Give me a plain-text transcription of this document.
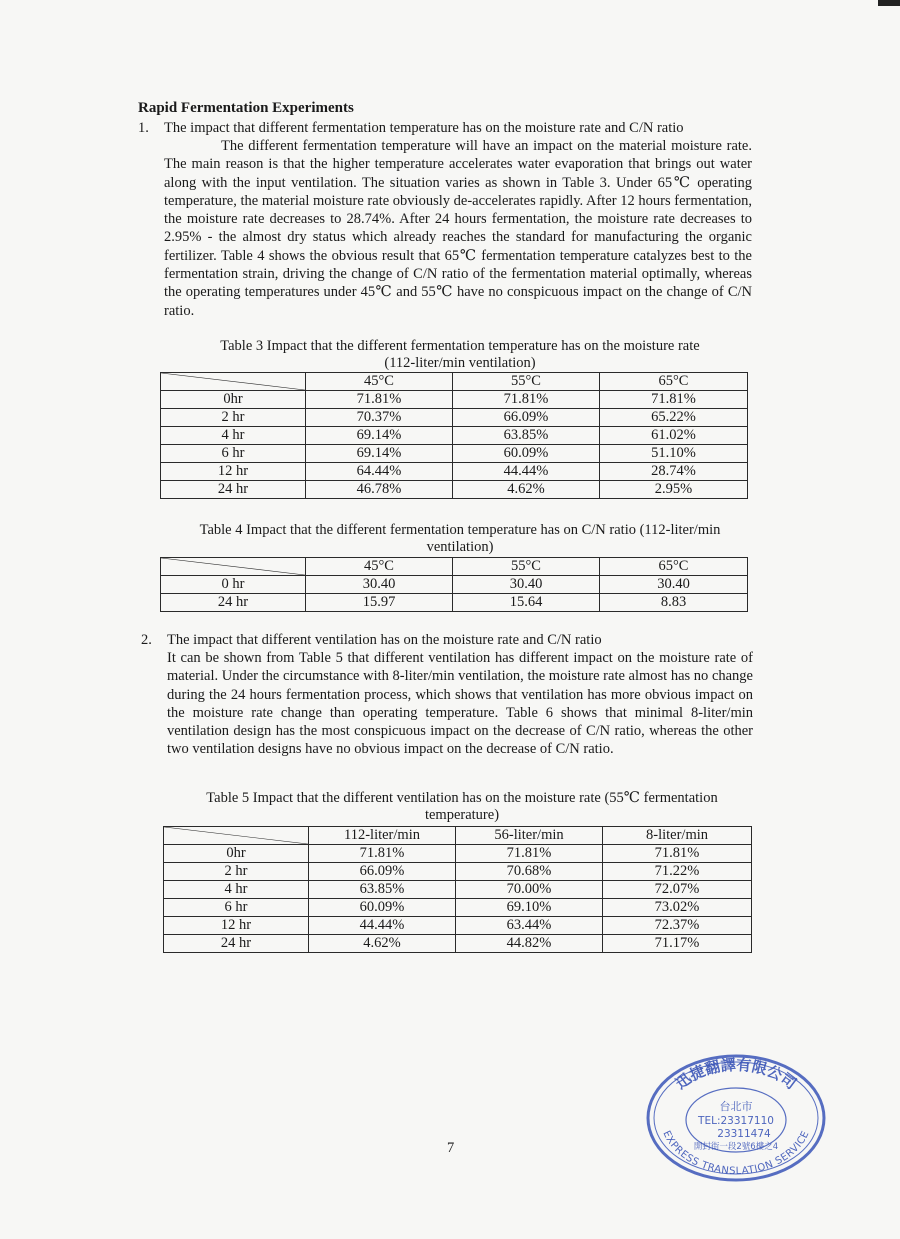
Rapid Fermentation Experiments
1. The impact that different fermentation temperature has on the moisture rate and C/N ratio
The different fermentation temperature will have an impact on the material moisture rate. The main reason is that the higher temperature accelerates water evaporation that brings out water along with the input ventilation. The situation varies as shown in Table 3. Under 65℃ operating temperature, the material moisture rate obviously de-accelerates rapidly. After 12 hours fermentation, the moisture rate decreases to 28.74%. After 24 hours fermentation, the moisture rate decreases to 2.95% - the almost dry status which already reaches the standard for manufacturing the organic fertilizer. Table 4 shows the obvious result that 65℃ fermentation temperature catalyzes best to the fermentation strain, driving the change of C/N ratio of the fermentation material optimally, whereas the operating temperatures under 45℃ and 55℃ have no conspicuous impact on the change of C/N ratio.
Table 3 Impact that the different fermentation temperature has on the moisture rate
(112-liter/min ventilation)
	45°C	55°C	65°C
0hr	71.81%	71.81%	71.81%
2 hr	70.37%	66.09%	65.22%
4 hr	69.14%	63.85%	61.02%
6 hr	69.14%	60.09%	51.10%
12 hr	64.44%	44.44%	28.74%
24 hr	46.78%	4.62%	2.95%
Table 4 Impact that the different fermentation temperature has on C/N ratio (112-liter/min
ventilation)
	45°C	55°C	65°C
0 hr	30.40	30.40	30.40
24 hr	15.97	15.64	8.83
2. The impact that different ventilation has on the moisture rate and C/N ratio
It can be shown from Table 5 that different ventilation has different impact on the moisture rate of material. Under the circumstance with 8-liter/min ventilation, the moisture rate almost has no change during the 24 hours fermentation process, which shows that ventilation has more obvious impact on the moisture rate change than operating temperature. Table 6 shows that minimal 8-liter/min ventilation design has the most conspicuous impact on the decrease of C/N ratio, whereas the other two ventilation designs have no obvious impact on the decrease of C/N ratio.
Table 5 Impact that the different ventilation has on the moisture rate (55℃ fermentation
temperature)
	112-liter/min	56-liter/min	8-liter/min
0hr	71.81%	71.81%	71.81%
2 hr	66.09%	70.68%	71.22%
4 hr	63.85%	70.00%	72.07%
6 hr	60.09%	69.10%	73.02%
12 hr	44.44%	63.44%	72.37%
24 hr	4.62%	44.82%	71.17%
迅捷翻譯有限公司
台北市
TEL:23317110
23311474
開封街一段2號6樓之4
EXPRESS TRANSLATION SERVICE
7
